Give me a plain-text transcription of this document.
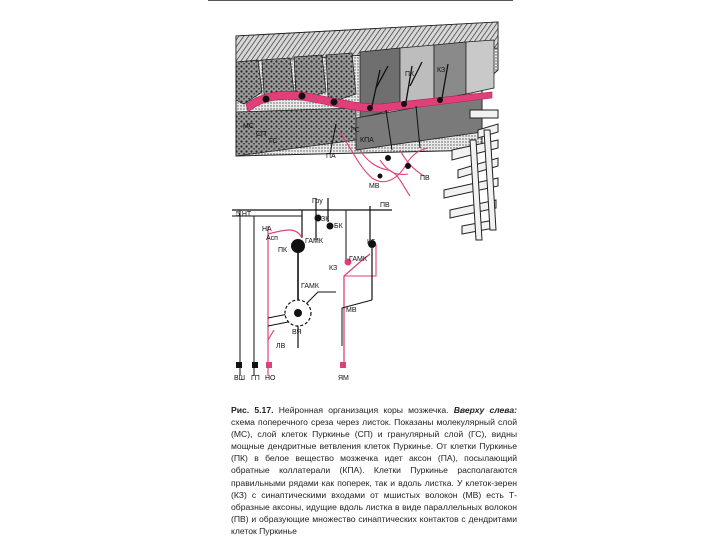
МС
СП
ГС
ГС
ПА
КПА
МВ
ПВ
ПК
КЗ
5 НТ
Гру
ПВ
ЗК
НА
Асп
БК
ГАМК	КГ
ПК
КЗ
ГАМК
ГАМК
МВ
ВЯ
ЛВ
ВШ ГП НО	ЯМ
Рис. 5.17. Нейронная организация коры мозжечка. Вверху слева: схема поперечного среза через листок. Показаны молекулярный слой (МС), слой клеток Пуркинье (СП) и гранулярный слой (ГС), видны мощные дендритные ветвления клеток Пуркинье. От клетки Пуркинье (ПК) в белое вещество мозжечка идет аксон (ПА), посылающий обратные коллатерали (КПА). Клетки Пуркинье располагаются правильными рядами как поперек, так и вдоль листка. У клеток-зерен (КЗ) с синаптическими входами от мшистых волокон (МВ) есть Т-образные аксоны, идущие вдоль листка в виде параллельных волокон (ПВ) и образующие множество синаптических контактов с дендритами клеток Пуркинье
